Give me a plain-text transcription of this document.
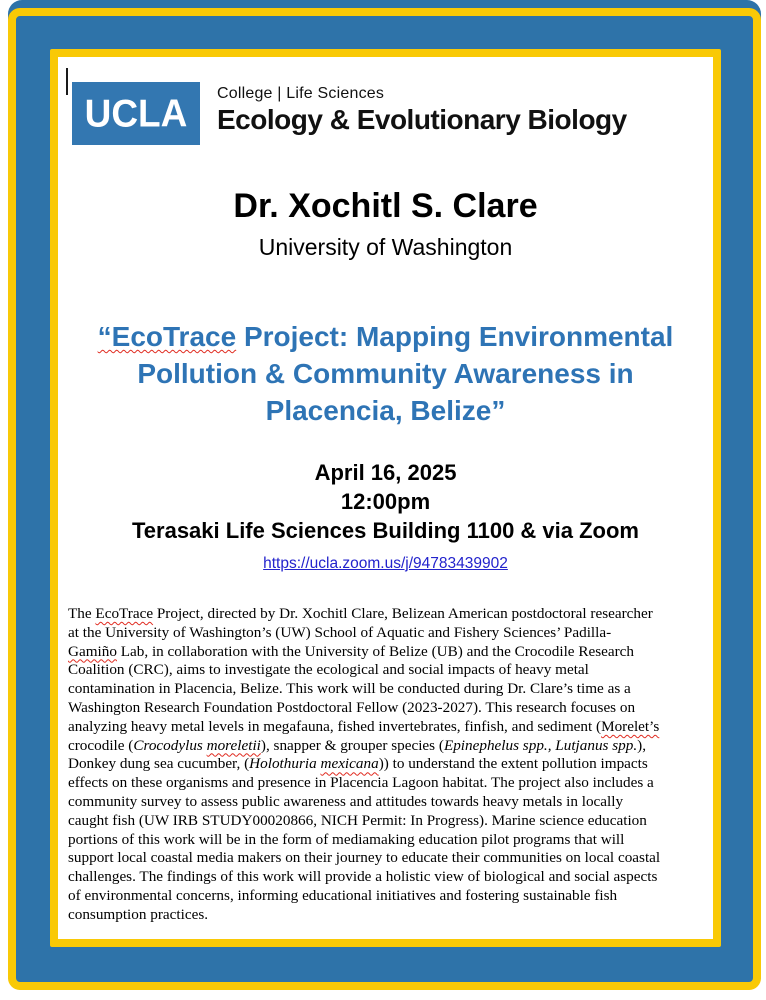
UCLA College | Life Sciences
Ecology & Evolutionary Biology
Dr. Xochitl S. Clare
University of Washington
“EcoTrace Project: Mapping Environmental
Pollution & Community Awareness in
Placencia, Belize”
April 16, 2025
12:00pm
Terasaki Life Sciences Building 1100 & via Zoom
https://ucla.zoom.us/j/94783439902
The EcoTrace Project, directed by Dr. Xochitl Clare, Belizean American postdoctoral researcher
at the University of Washington’s (UW) School of Aquatic and Fishery Sciences’ Padilla-
Gamiño Lab, in collaboration with the University of Belize (UB) and the Crocodile Research
Coalition (CRC), aims to investigate the ecological and social impacts of heavy metal
contamination in Placencia, Belize. This work will be conducted during Dr. Clare’s time as a
Washington Research Foundation Postdoctoral Fellow (2023-2027). This research focuses on
analyzing heavy metal levels in megafauna, fished invertebrates, finfish, and sediment (Morelet’s
crocodile (Crocodylus moreletii), snapper & grouper species (Epinephelus spp., Lutjanus spp.),
Donkey dung sea cucumber, (Holothuria mexicana)) to understand the extent pollution impacts
effects on these organisms and presence in Placencia Lagoon habitat. The project also includes a
community survey to assess public awareness and attitudes towards heavy metals in locally
caught fish (UW IRB STUDY00020866, NICH Permit: In Progress). Marine science education
portions of this work will be in the form of mediamaking education pilot programs that will
support local coastal media makers on their journey to educate their communities on local coastal
challenges. The findings of this work will provide a holistic view of biological and social aspects
of environmental concerns, informing educational initiatives and fostering sustainable fish
consumption practices.
